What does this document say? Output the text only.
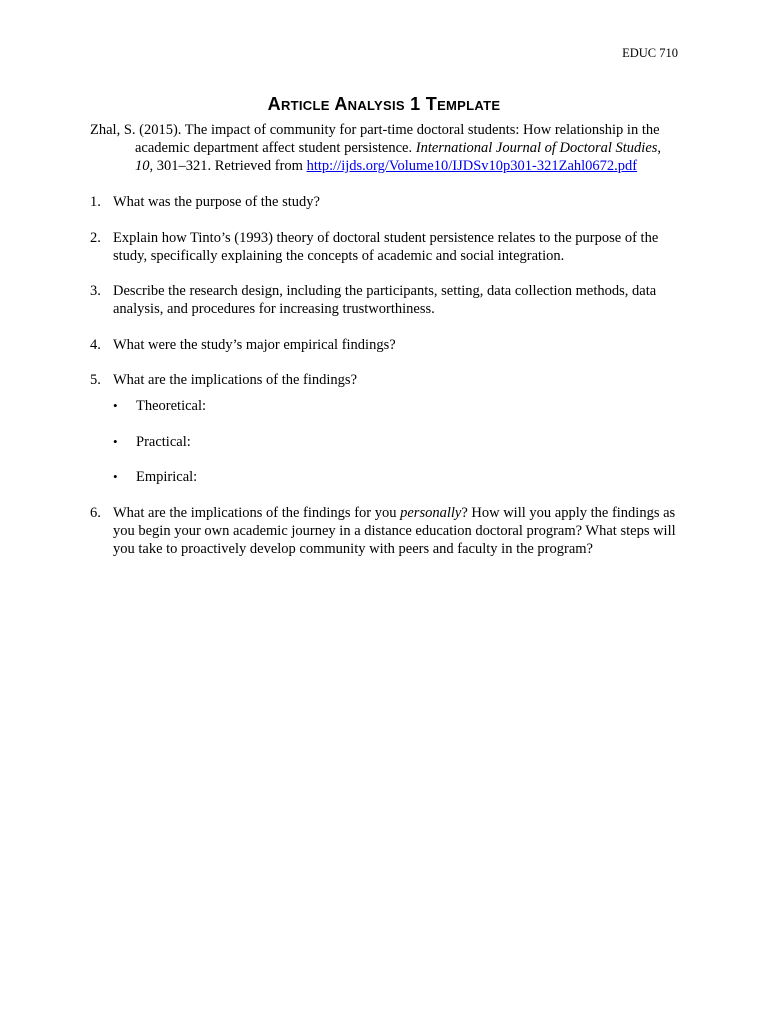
EDUC 710
Article Analysis 1 Template

Zhal, S. (2015). The impact of community for part-time doctoral students: How relationship in the academic department affect student persistence. International Journal of Doctoral Studies, 10, 301–321. Retrieved from http://ijds.org/Volume10/IJDSv10p301-321Zahl0672.pdf

1. What was the purpose of the study?
2. Explain how Tinto’s (1993) theory of doctoral student persistence relates to the purpose of the study, specifically explaining the concepts of academic and social integration.
3. Describe the research design, including the participants, setting, data collection methods, data analysis, and procedures for increasing trustworthiness.
4. What were the study’s major empirical findings?
5. What are the implications of the findings?
•	Theoretical:
•	Practical:
•	Empirical:
6. What are the implications of the findings for you personally? How will you apply the findings as you begin your own academic journey in a distance education doctoral program? What steps will you take to proactively develop community with peers and faculty in the program?
